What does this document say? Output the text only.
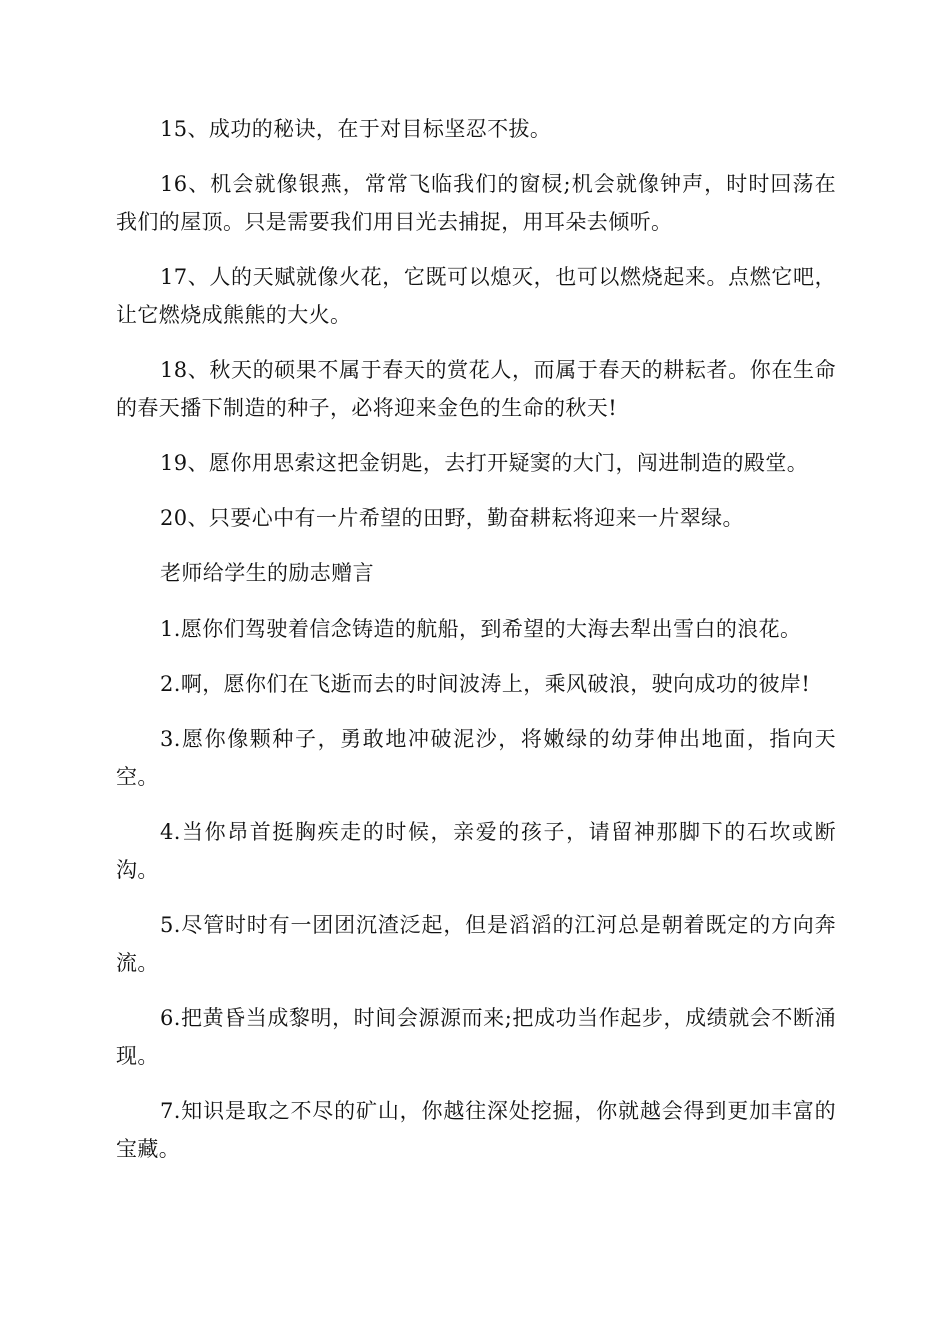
15、成功的秘诀，在于对目标坚忍不拔。

16、机会就像银燕，常常飞临我们的窗棂;机会就像钟声，时时回荡在我们的屋顶。只是需要我们用目光去捕捉，用耳朵去倾听。

17、人的天赋就像火花，它既可以熄灭，也可以燃烧起来。点燃它吧，让它燃烧成熊熊的大火。

18、秋天的硕果不属于春天的赏花人，而属于春天的耕耘者。你在生命的春天播下制造的种子，必将迎来金色的生命的秋天!

19、愿你用思索这把金钥匙，去打开疑窦的大门，闯进制造的殿堂。

20、只要心中有一片希望的田野，勤奋耕耘将迎来一片翠绿。

老师给学生的励志赠言

1.愿你们驾驶着信念铸造的航船，到希望的大海去犁出雪白的浪花。

2.啊，愿你们在飞逝而去的时间波涛上，乘风破浪，驶向成功的彼岸!

3.愿你像颗种子，勇敢地冲破泥沙，将嫩绿的幼芽伸出地面，指向天空。

4.当你昂首挺胸疾走的时候，亲爱的孩子，请留神那脚下的石坎或断沟。

5.尽管时时有一团团沉渣泛起，但是滔滔的江河总是朝着既定的方向奔流。

6.把黄昏当成黎明，时间会源源而来;把成功当作起步，成绩就会不断涌现。

7.知识是取之不尽的矿山，你越往深处挖掘，你就越会得到更加丰富的宝藏。
